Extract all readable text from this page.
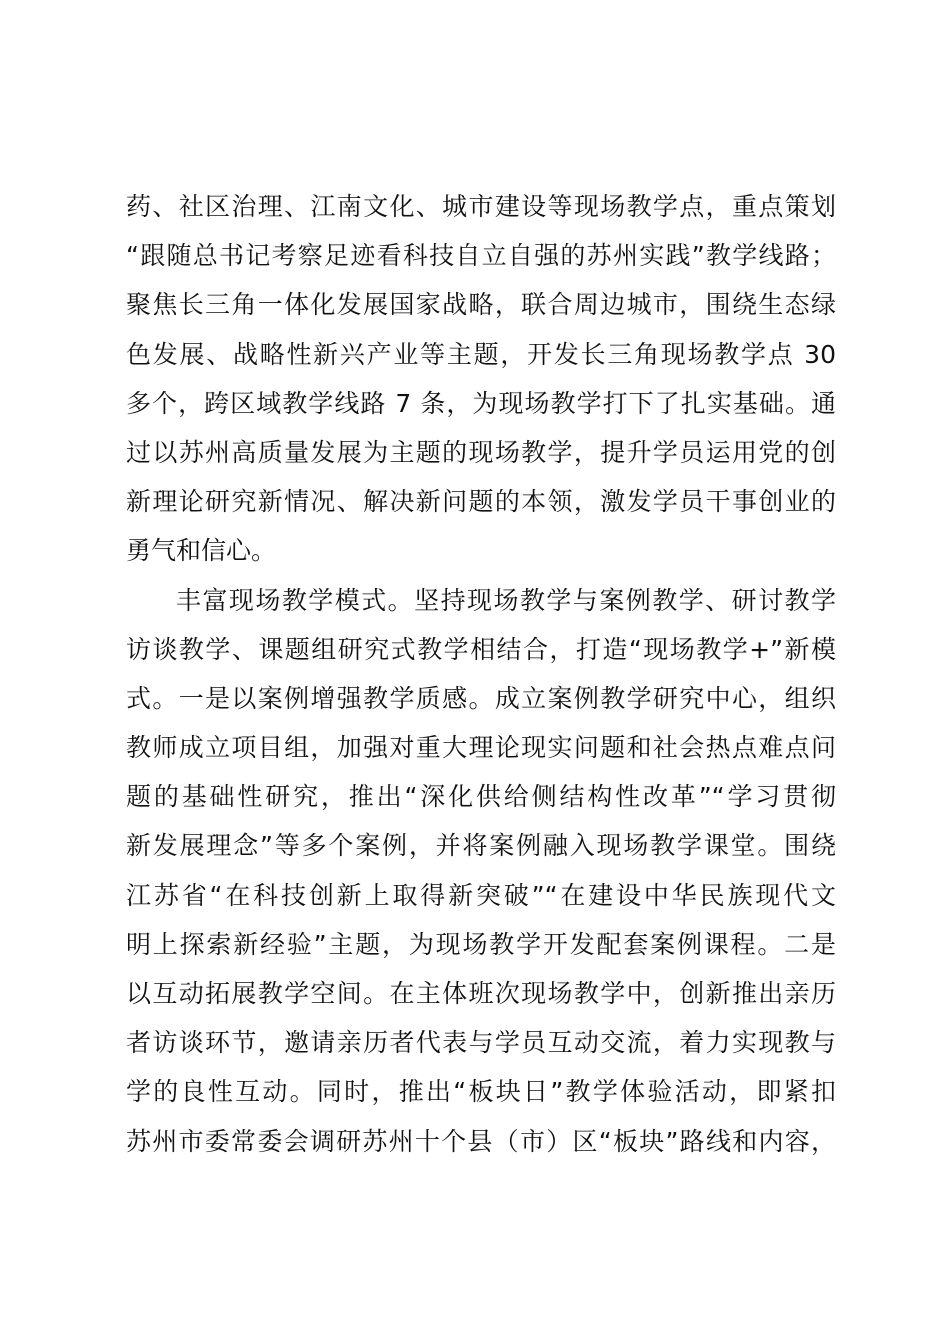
药、社区治理、江南文化、城市建设等现场教学点，重点策划
“跟随总书记考察足迹看科技自立自强的苏州实践”教学线路；
聚焦长三角一体化发展国家战略，联合周边城市，围绕生态绿
色发展、战略性新兴产业等主题，开发长三角现场教学点 30
多个，跨区域教学线路 7 条，为现场教学打下了扎实基础。通
过以苏州高质量发展为主题的现场教学，提升学员运用党的创
新理论研究新情况、解决新问题的本领，激发学员干事创业的
勇气和信心。
丰富现场教学模式。坚持现场教学与案例教学、研讨教学
访谈教学、课题组研究式教学相结合，打造“现场教学+”新模
式。一是以案例增强教学质感。成立案例教学研究中心，组织
教师成立项目组，加强对重大理论现实问题和社会热点难点问
题的基础性研究，推出“深化供给侧结构性改革”“学习贯彻
新发展理念”等多个案例，并将案例融入现场教学课堂。围绕
江苏省“在科技创新上取得新突破”“在建设中华民族现代文
明上探索新经验”主题，为现场教学开发配套案例课程。二是
以互动拓展教学空间。在主体班次现场教学中，创新推出亲历
者访谈环节，邀请亲历者代表与学员互动交流，着力实现教与
学的良性互动。同时，推出“板块日”教学体验活动，即紧扣
苏州市委常委会调研苏州十个县（市）区“板块”路线和内容，
